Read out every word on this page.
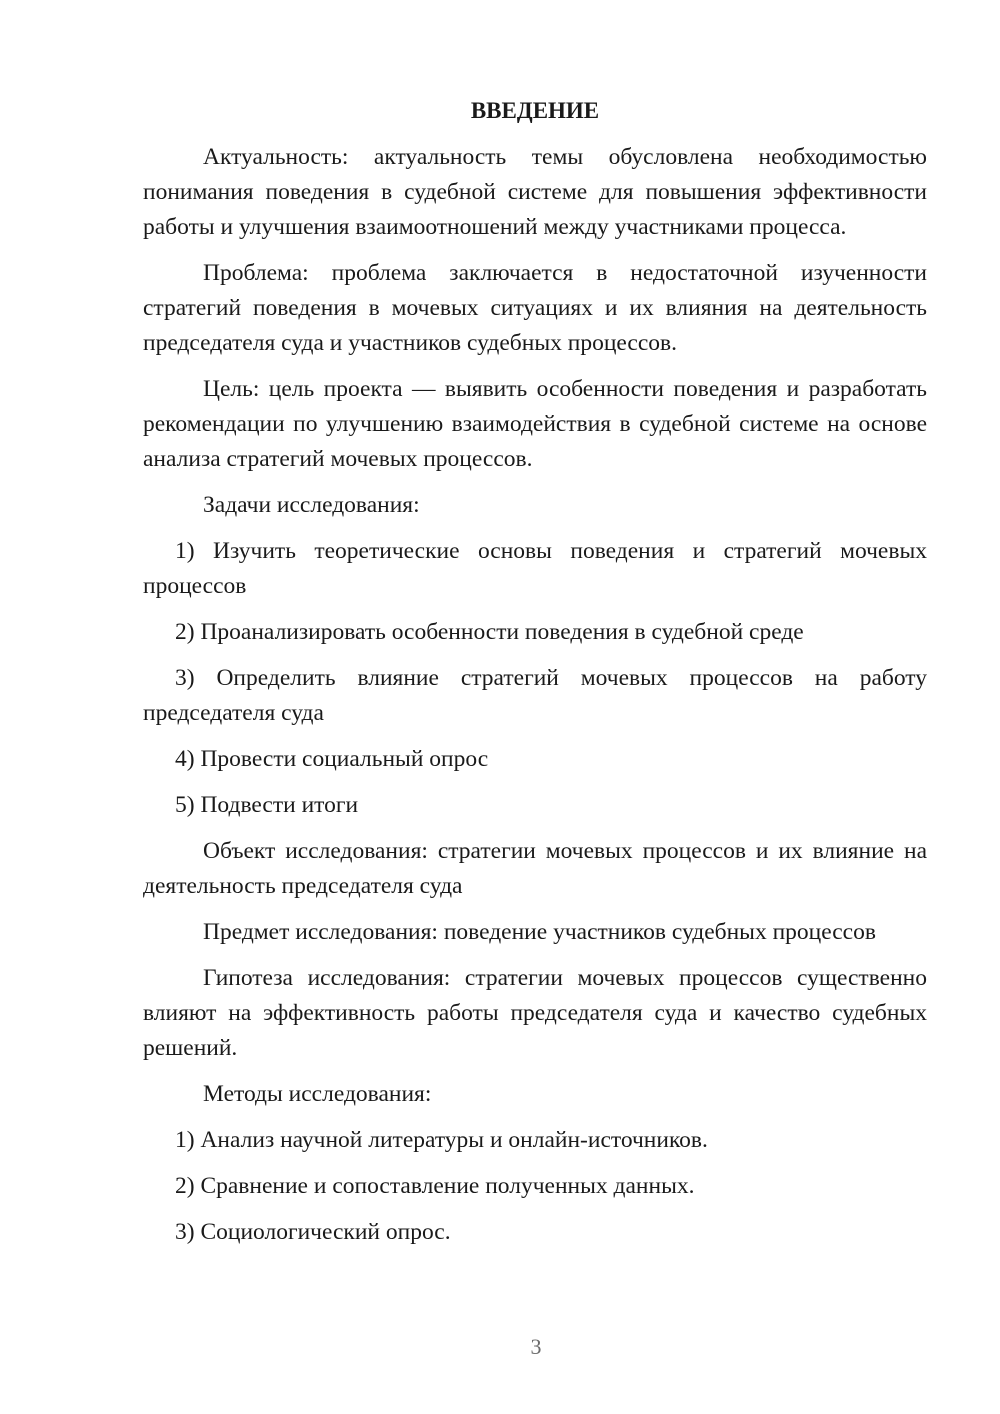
ВВЕДЕНИЕ

Актуальность: актуальность темы обусловлена необходимостью понимания поведения в судебной системе для повышения эффективности работы и улучшения взаимоотношений между участниками процесса.

Проблема: проблема заключается в недостаточной изученности стратегий поведения в мочевых ситуациях и их влияния на деятельность председателя суда и участников судебных процессов.

Цель: цель проекта — выявить особенности поведения и разработать рекомендации по улучшению взаимодействия в судебной системе на основе анализа стратегий мочевых процессов.

Задачи исследования:

1) Изучить теоретические основы поведения и стратегий мочевых процессов

2) Проанализировать особенности поведения в судебной среде

3) Определить влияние стратегий мочевых процессов на работу председателя суда

4) Провести социальный опрос

5) Подвести итоги

Объект исследования: стратегии мочевых процессов и их влияние на деятельность председателя суда

Предмет исследования: поведение участников судебных процессов

Гипотеза исследования: стратегии мочевых процессов существенно влияют на эффективность работы председателя суда и качество судебных решений.

Методы исследования:

1) Анализ научной литературы и онлайн-источников.

2) Сравнение и сопоставление полученных данных.

3) Социологический опрос.

3
